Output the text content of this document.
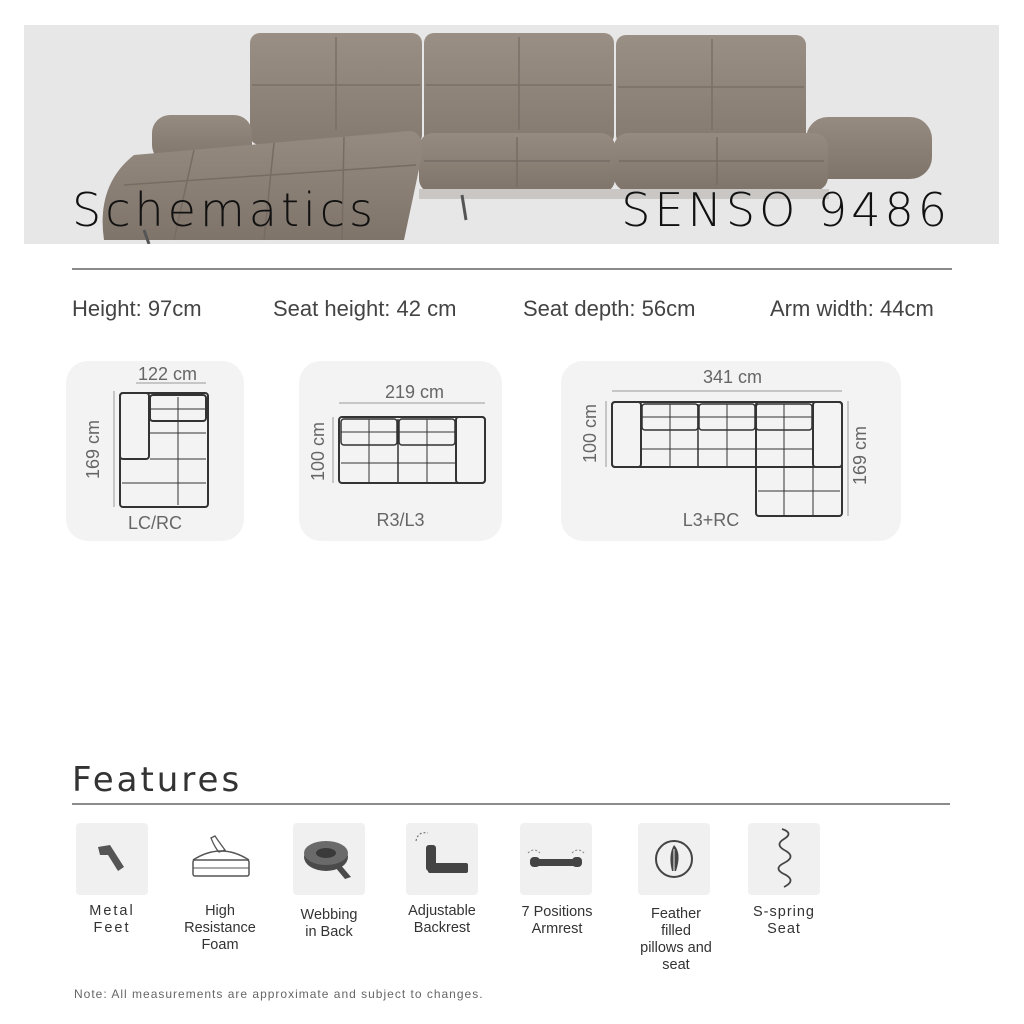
Schematics	SENSO 9486
Height: 97cm	Seat height: 42 cm	Seat depth: 56cm	Arm width: 44cm
122 cm
169 cm
LC/RC
219 cm
100 cm
R3/L3
341 cm
100 cm	169 cm
L3+RC
Features
Metal
Feet
High
Resistance
Foam
Webbing
in Back
Adjustable
Backrest
7 Positions
Armrest
Feather
filled
pillows and
seat
S-spring
Seat
Note: All measurements are approximate and subject to changes.
